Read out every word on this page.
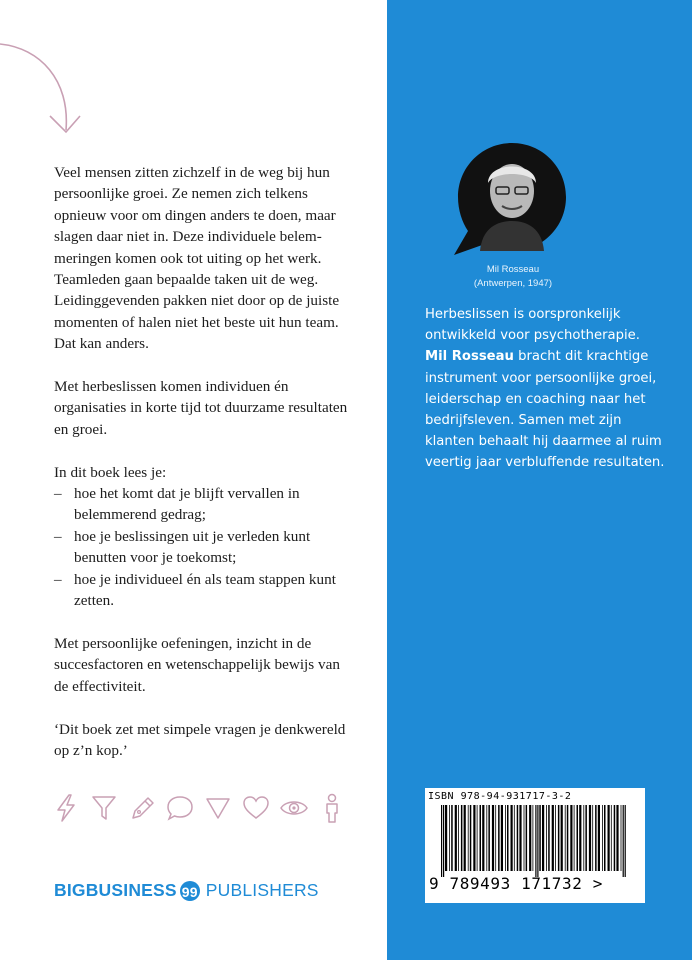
Veel mensen zitten zichzelf in de weg bij hun persoonlijke groei. Ze nemen zich telkens opnieuw voor om dingen anders te doen, maar slagen daar niet in. Deze individuele belemmeringen komen ook tot uiting op het werk. Teamleden gaan bepaalde taken uit de weg. Leidinggevenden pakken niet door op de juiste momenten of halen niet het beste uit hun team. Dat kan anders.

Met herbeslissen komen individuen én organisaties in korte tijd tot duurzame resultaten en groei.

In dit boek lees je:
– hoe het komt dat je blijft vervallen in belemmerend gedrag;
– hoe je beslissingen uit je verleden kunt benutten voor je toekomst;
– hoe je individueel én als team stappen kunt zetten.

Met persoonlijke oefeningen, inzicht in de succesfactoren en wetenschappelijk bewijs van de effectiviteit.

‘Dit boek zet met simpele vragen je denkwereld op z’n kop.’

BIGBUSINESS 99 PUBLISHERS
Mil Rosseau
(Antwerpen, 1947)
Herbeslissen is oorspronkelijk ontwikkeld voor psychotherapie. Mil Rosseau bracht dit krachtige instrument voor persoonlijke groei, leiderschap en coaching naar het bedrijfsleven. Samen met zijn klanten behaalt hij daarmee al ruim veertig jaar verbluffende resultaten.
ISBN 978-94-931717-3-2
9 789493 171732 >
